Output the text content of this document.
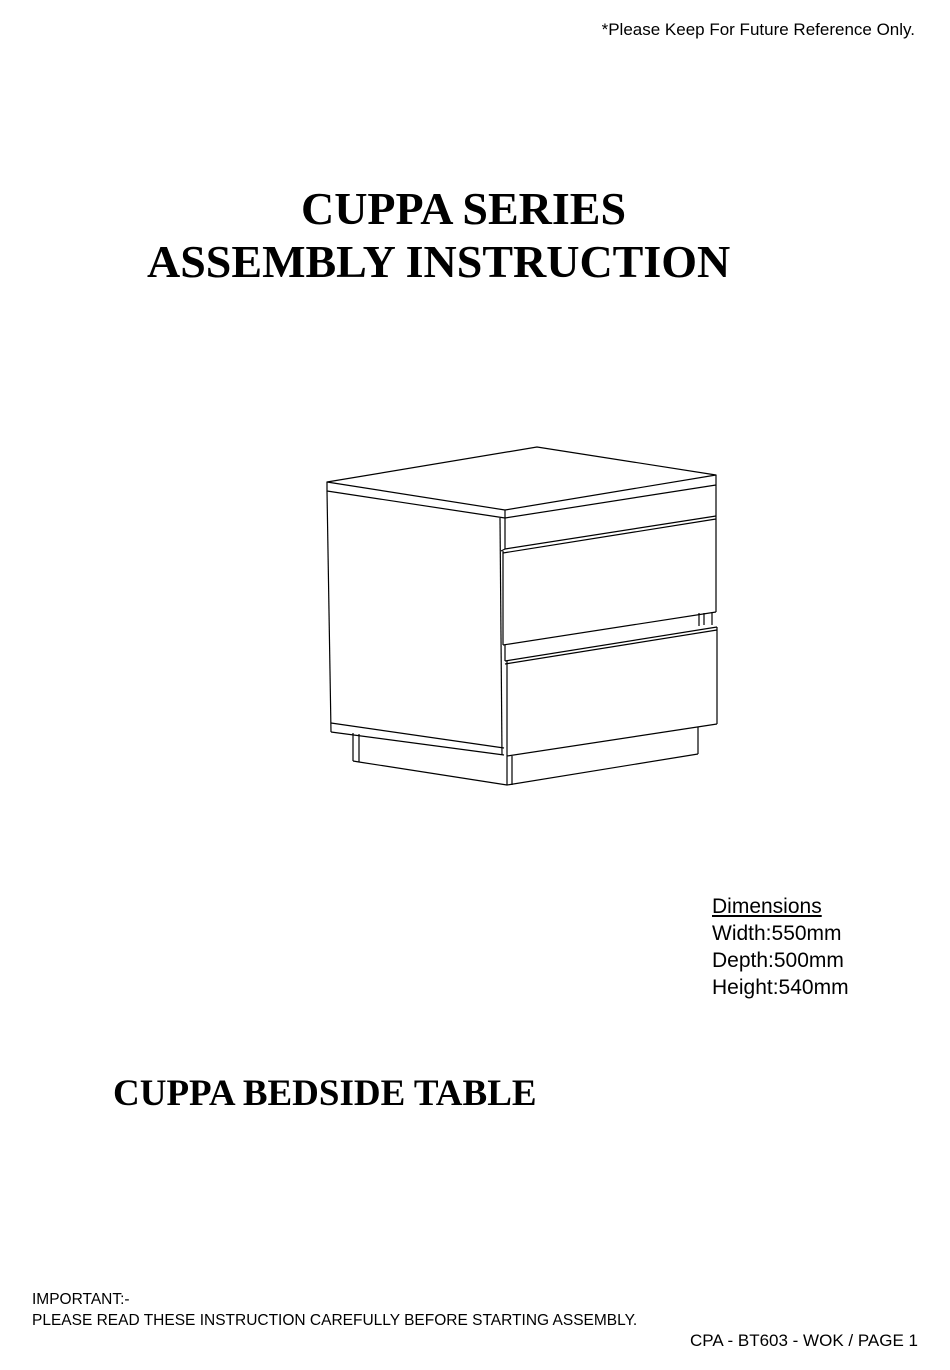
*Please Keep For Future Reference Only.
CUPPA SERIES
ASSEMBLY INSTRUCTION
Dimensions
Width:550mm
Depth:500mm
Height:540mm
CUPPA BEDSIDE TABLE
IMPORTANT:-
PLEASE READ THESE INSTRUCTION CAREFULLY BEFORE STARTING ASSEMBLY.
CPA - BT603 - WOK / PAGE 1
